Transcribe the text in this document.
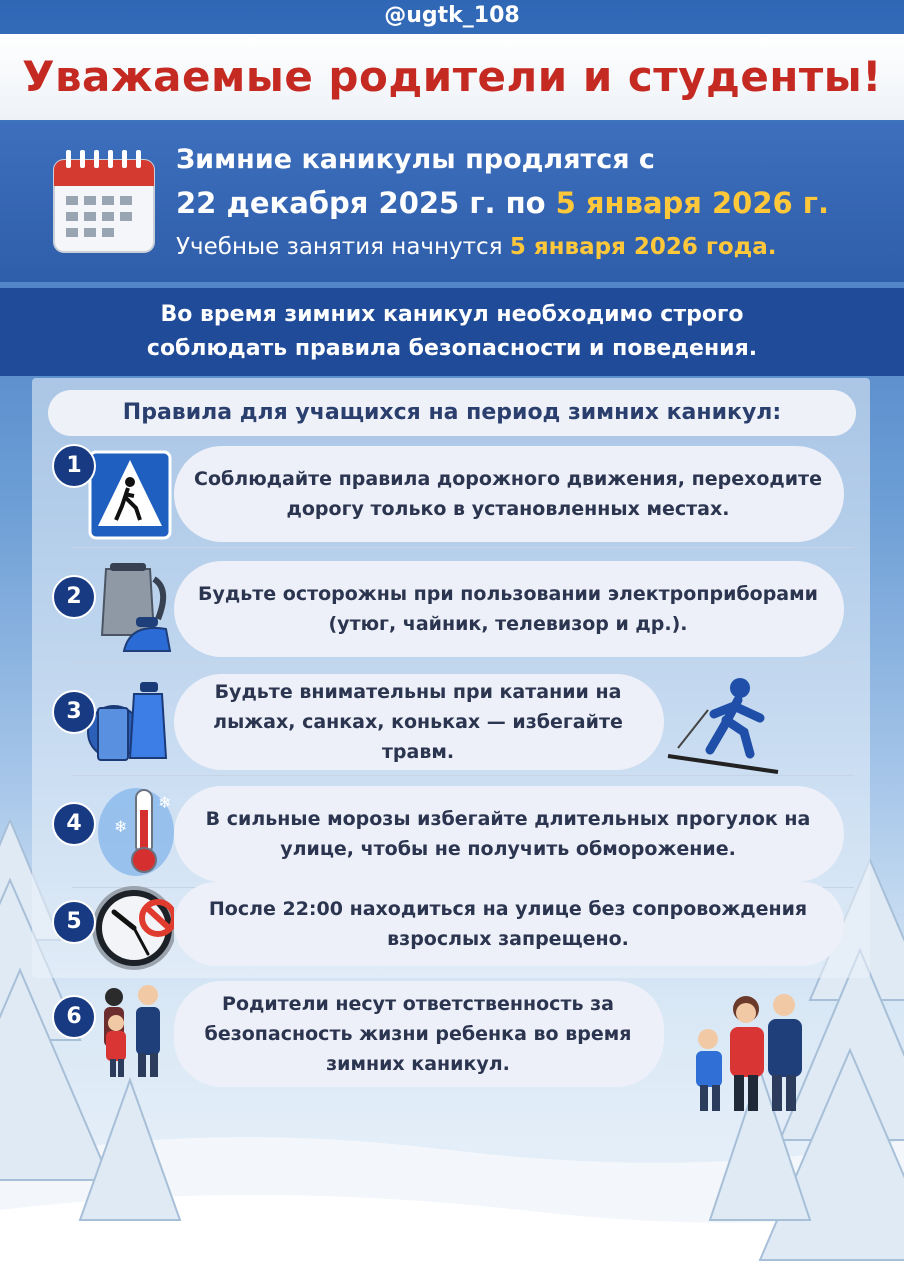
@ugtk_108
Уважаемые родители и студенты!
Зимние каникулы продлятся с
22 декабря 2025 г. по 5 января 2026 г.
Учебные занятия начнутся 5 января 2026 года.
Во время зимних каникул необходимо строго
соблюдать правила безопасности и поведения.
Правила для учащихся на период зимних каникул:
1
Соблюдайте правила дорожного движения, переходите дорогу только в установленных местах.
2	Будьте осторожны при пользовании электроприборами (утюг, чайник, телевизор и др.).
3
Будьте внимательны при катании на лыжах, санках, коньках — избегайте травм.
❄
❄
4	В сильные морозы избегайте длительных прогулок на улице, чтобы не получить обморожение.
5	После 22:00 находиться на улице без сопровождения взрослых запрещено.
6	Родители несут ответственность за безопасность жизни ребенка во время зимних каникул.
